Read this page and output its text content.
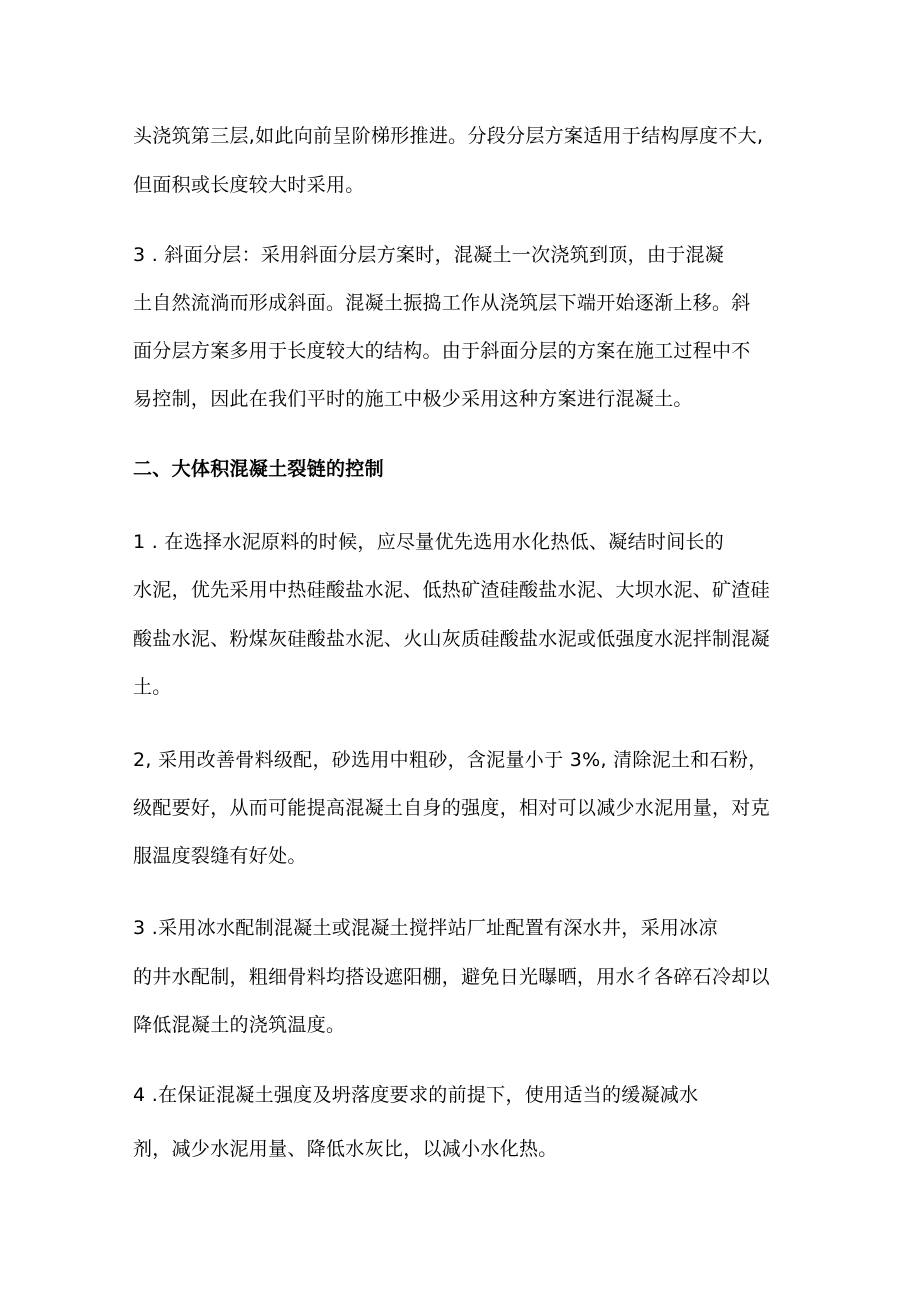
头浇筑第三层,如此向前呈阶梯形推进。分段分层方案适用于结构厚度不大,
但面积或长度较大时采用。
3 . 斜面分层：采用斜面分层方案时，混凝土一次浇筑到顶，由于混凝
土自然流淌而形成斜面。混凝土振捣工作从浇筑层下端开始逐渐上移。斜
面分层方案多用于长度较大的结构。由于斜面分层的方案在施工过程中不
易控制，因此在我们平时的施工中极少采用这种方案进行混凝土。
二、大体积混凝土裂链的控制
1 . 在选择水泥原料的时候，应尽量优先选用水化热低、凝结时间长的
水泥，优先采用中热硅酸盐水泥、低热矿渣硅酸盐水泥、大坝水泥、矿渣硅
酸盐水泥、粉煤灰硅酸盐水泥、火山灰质硅酸盐水泥或低强度水泥拌制混凝
土。
2, 采用改善骨料级配，砂选用中粗砂，含泥量小于 3%, 清除泥土和石粉，
级配要好，从而可能提高混凝土自身的强度，相对可以减少水泥用量，对克
服温度裂缝有好处。
3 .采用冰水配制混凝土或混凝土搅拌站厂址配置有深水井，采用冰凉
的井水配制，粗细骨料均搭设遮阳棚，避免日光曝晒，用水彳各碎石冷却以
降低混凝土的浇筑温度。
4 .在保证混凝土强度及坍落度要求的前提下，使用适当的缓凝减水
剂，减少水泥用量、降低水灰比，以减小水化热。
